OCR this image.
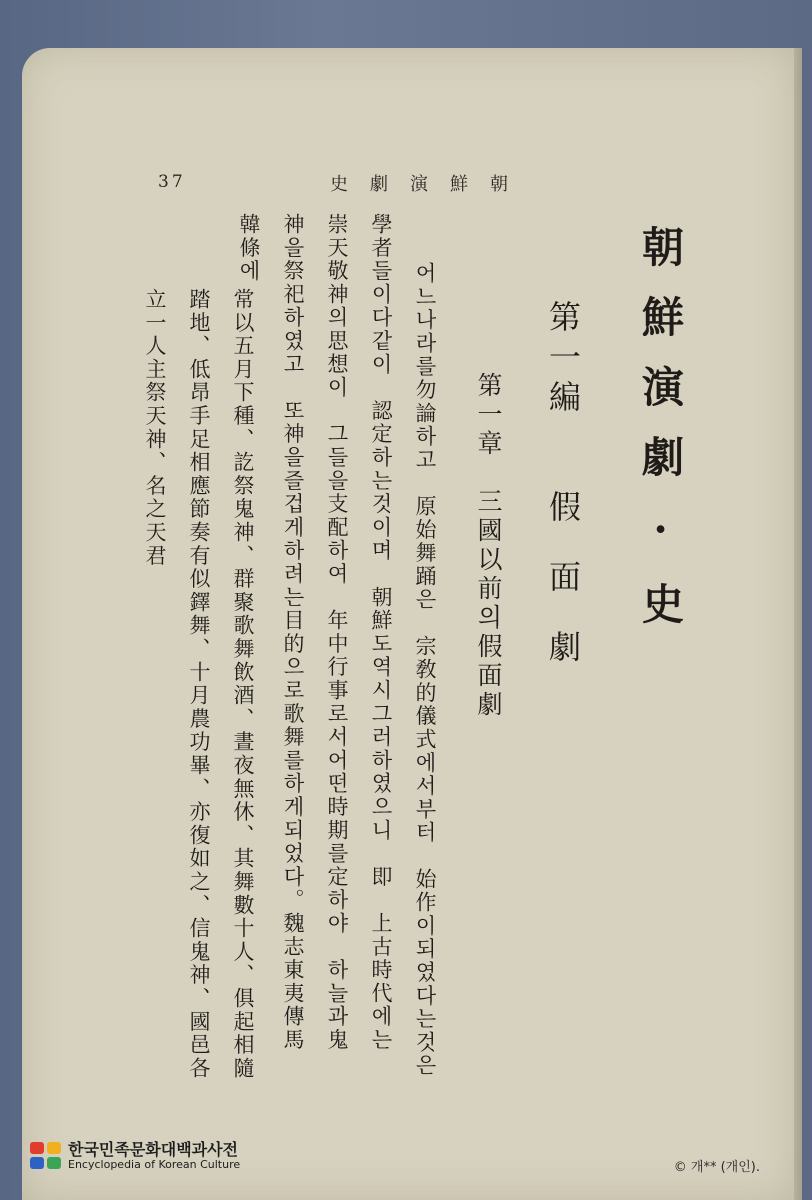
37	史劇演鮮朝
朝鮮演劇·史
第一編
假面劇
第一章　三國以前의假面劇
어느나라를勿論하고　原始舞踊은　宗敎的儀式에서부터　始作이되였다는것은
學者들이다같이　認定하는것이며　朝鮮도역시그러하였으니　即　上古時代에는
崇天敬神의思想이　그들을支配하여　年中行事로서어떤時期를定하야　하늘과鬼
神을祭祀하였고　또神을즐겁게하려는目的으로歌舞를하게되었다。魏志東夷傳馬
韓條에
常以五月下種、訖祭鬼神、群聚歌舞飲酒、晝夜無休、其舞數十人、俱起相隨
踏地、低昂手足相應節奏有似鐸舞、十月農功畢、亦復如之、信鬼神、國邑各
立一人主祭天神、名之天君
한국민족문화대백과사전
Encyclopedia of Korean Culture	© 개** (개인).
